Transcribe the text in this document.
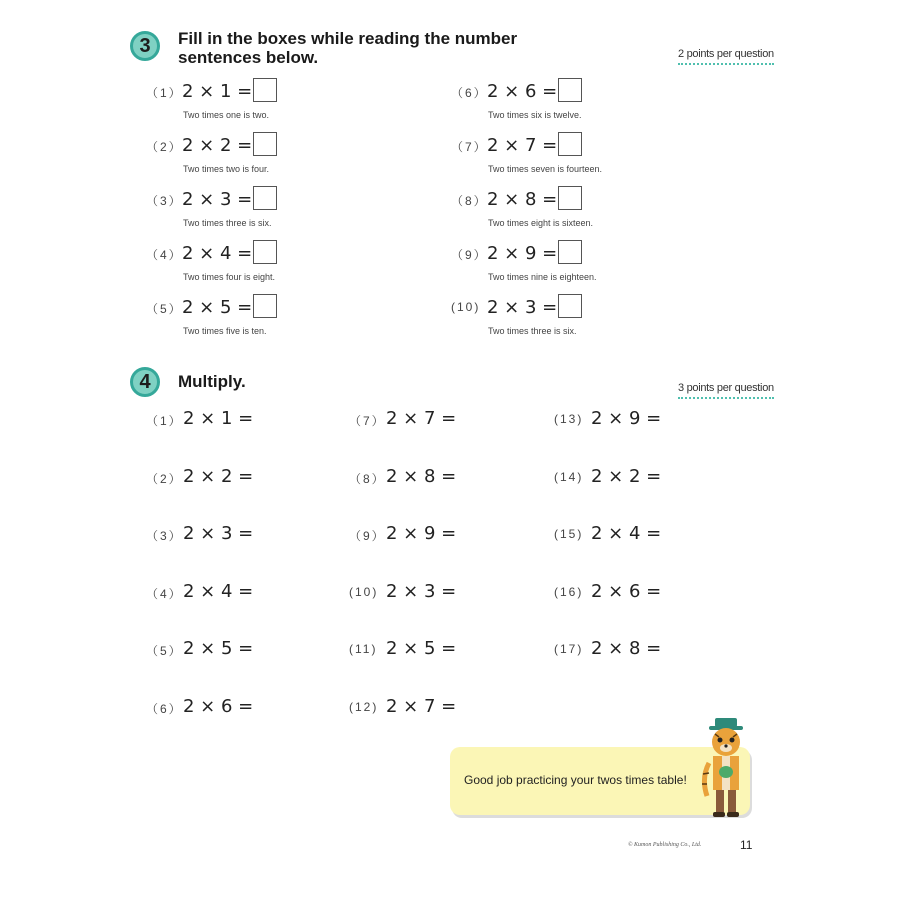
3 Fill in the boxes while reading the number
sentences below.	2 points per question
（1） 2 × 1 =
Two times one is two.
（2） 2 × 2 =
Two times two is four.
（3） 2 × 3 =
Two times three is six.
（4） 2 × 4 =
Two times four is eight.
（5） 2 × 5 =
Two times five is ten.
（6） 2 × 6 =
Two times six is twelve.
（7） 2 × 7 =
Two times seven is fourteen.
（8） 2 × 8 =
Two times eight is sixteen.
（9） 2 × 9 =
Two times nine is eighteen.
(10) 2 × 3 =
Two times three is six.
4 Multiply.	3 points per question
（1） 2 × 1 =
（2） 2 × 2 =
（3） 2 × 3 =
（4） 2 × 4 =
（5） 2 × 5 =
（6） 2 × 6 =
（7） 2 × 7 =
（8） 2 × 8 =
（9） 2 × 9 =
(10) 2 × 3 =
(11) 2 × 5 =
(12) 2 × 7 =
(13) 2 × 9 =
(14) 2 × 2 =
(15) 2 × 4 =
(16) 2 × 6 =
(17) 2 × 8 =
Good job practicing your twos times table!
© Kumon Publishing Co., Ltd.	11
